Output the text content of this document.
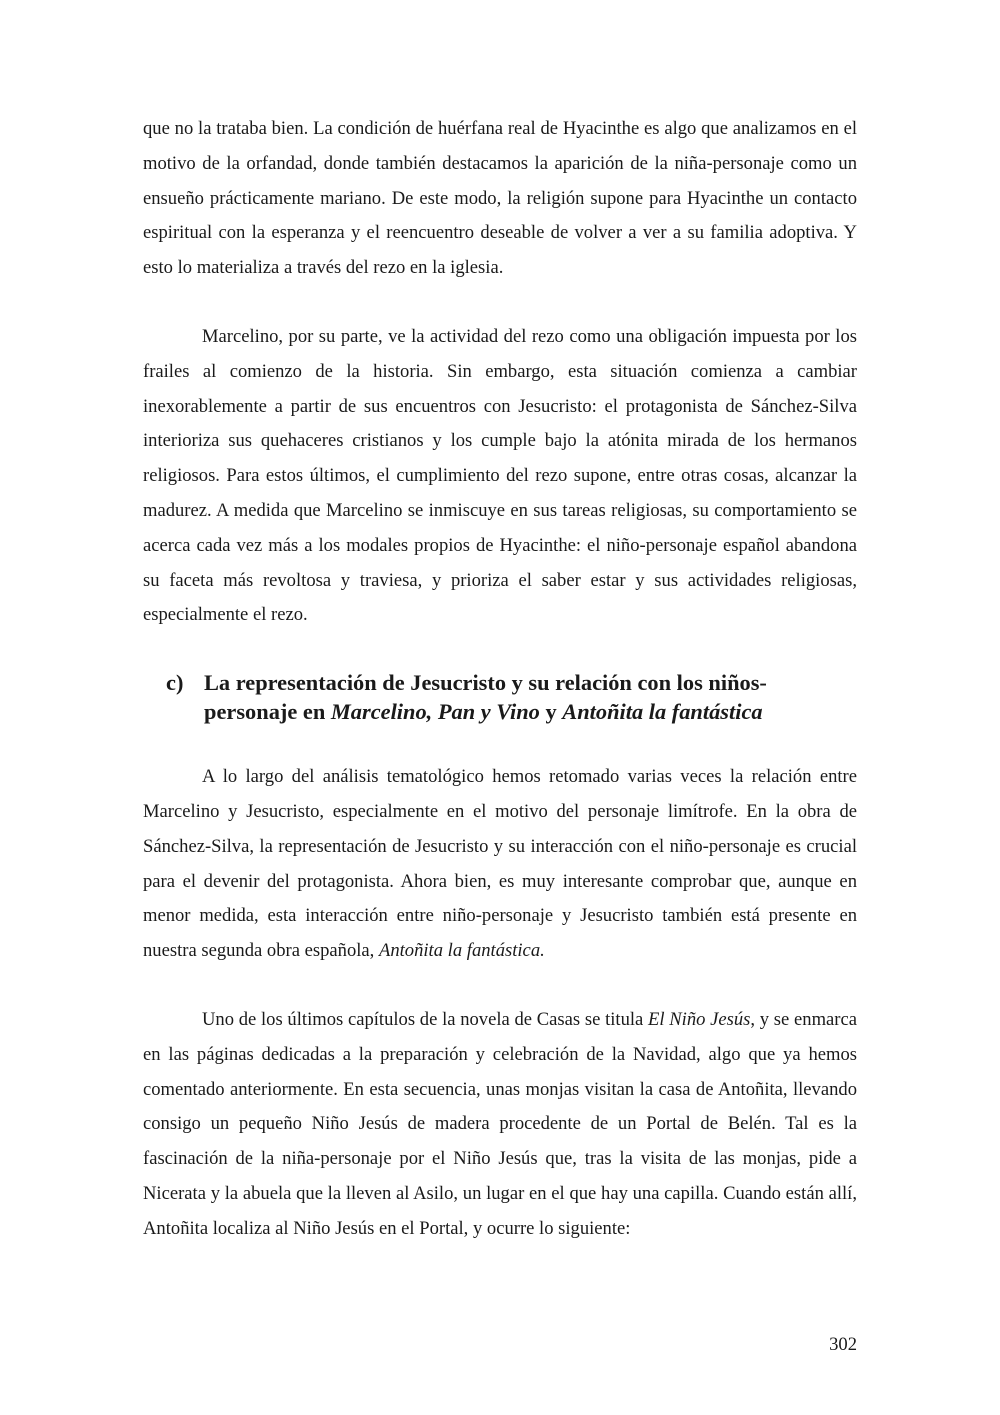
que no la trataba bien. La condición de huérfana real de Hyacinthe es algo que analizamos en el motivo de la orfandad, donde también destacamos la aparición de la niña-personaje como un ensueño prácticamente mariano. De este modo, la religión supone para Hyacinthe un contacto espiritual con la esperanza y el reencuentro deseable de volver a ver a su familia adoptiva. Y esto lo materializa a través del rezo en la iglesia.

Marcelino, por su parte, ve la actividad del rezo como una obligación impuesta por los frailes al comienzo de la historia. Sin embargo, esta situación comienza a cambiar inexorablemente a partir de sus encuentros con Jesucristo: el protagonista de Sánchez-Silva interioriza sus quehaceres cristianos y los cumple bajo la atónita mirada de los hermanos religiosos. Para estos últimos, el cumplimiento del rezo supone, entre otras cosas, alcanzar la madurez. A medida que Marcelino se inmiscuye en sus tareas religiosas, su comportamiento se acerca cada vez más a los modales propios de Hyacinthe: el niño-personaje español abandona su faceta más revoltosa y traviesa, y prioriza el saber estar y sus actividades religiosas, especialmente el rezo.

c) La representación de Jesucristo y su relación con los niños-personaje en Marcelino, Pan y Vino y Antoñita la fantástica

A lo largo del análisis tematológico hemos retomado varias veces la relación entre Marcelino y Jesucristo, especialmente en el motivo del personaje limítrofe. En la obra de Sánchez-Silva, la representación de Jesucristo y su interacción con el niño-personaje es crucial para el devenir del protagonista. Ahora bien, es muy interesante comprobar que, aunque en menor medida, esta interacción entre niño-personaje y Jesucristo también está presente en nuestra segunda obra española, Antoñita la fantástica.

Uno de los últimos capítulos de la novela de Casas se titula El Niño Jesús, y se enmarca en las páginas dedicadas a la preparación y celebración de la Navidad, algo que ya hemos comentado anteriormente. En esta secuencia, unas monjas visitan la casa de Antoñita, llevando consigo un pequeño Niño Jesús de madera procedente de un Portal de Belén. Tal es la fascinación de la niña-personaje por el Niño Jesús que, tras la visita de las monjas, pide a Nicerata y la abuela que la lleven al Asilo, un lugar en el que hay una capilla. Cuando están allí, Antoñita localiza al Niño Jesús en el Portal, y ocurre lo siguiente:

302
